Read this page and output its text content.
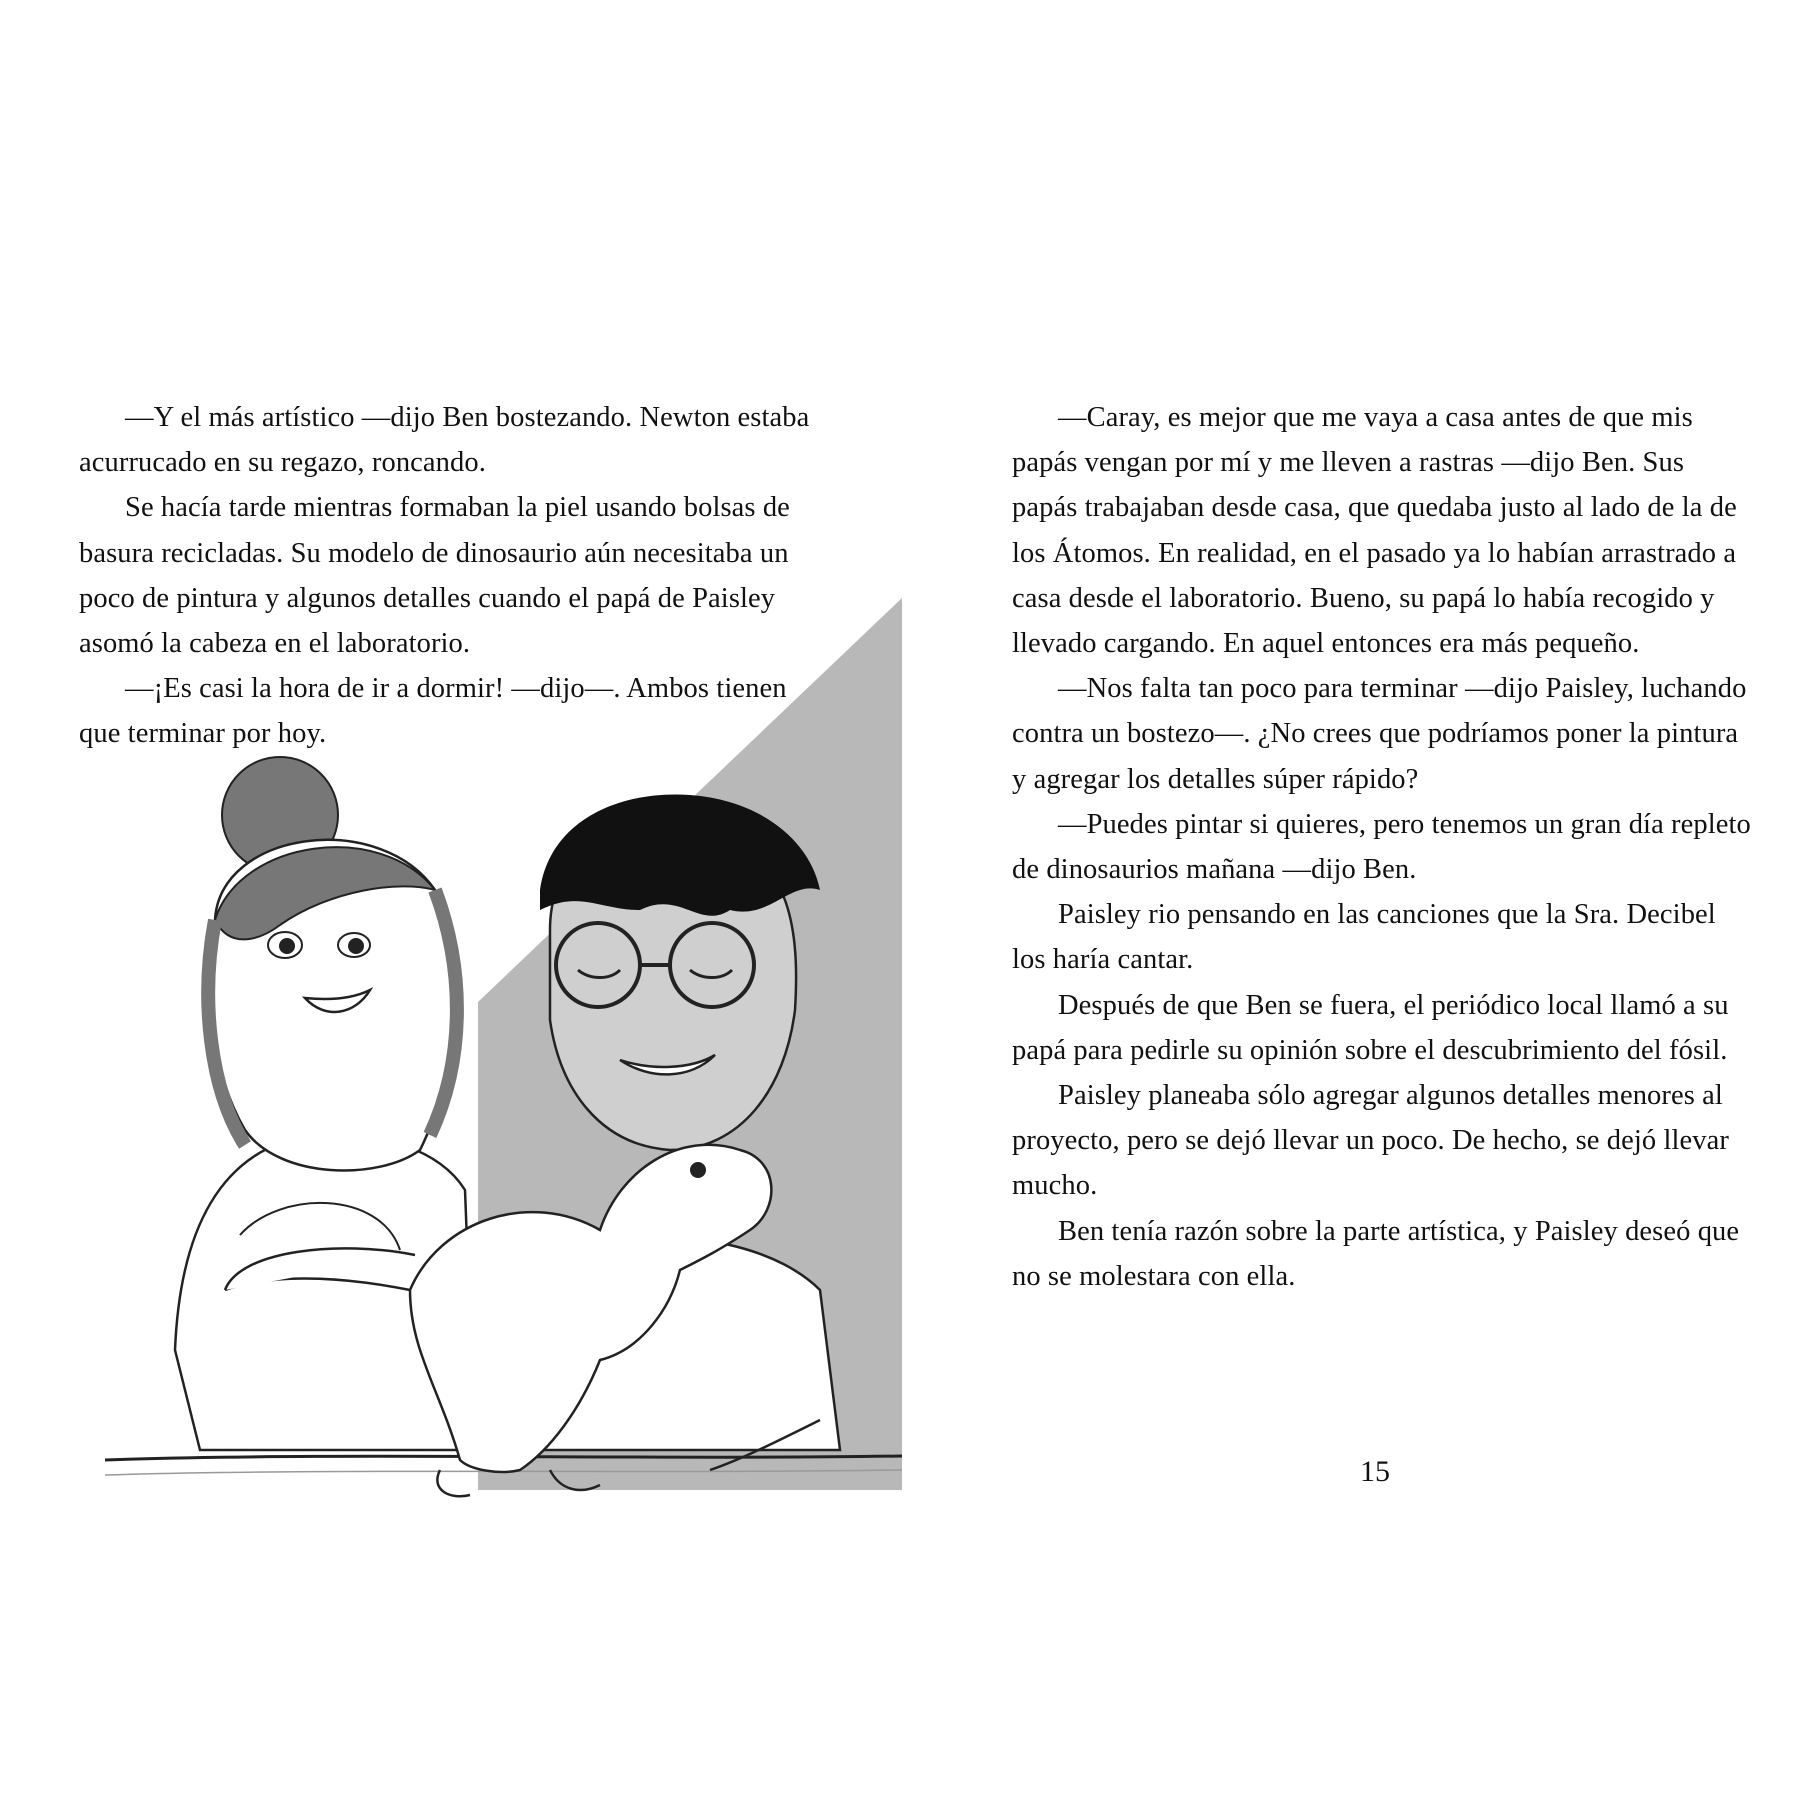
—Y el más artístico —dijo Ben bostezando. Newton estaba acurrucado en su regazo, roncando.

Se hacía tarde mientras formaban la piel usando bolsas de basura recicladas. Su modelo de dinosaurio aún necesitaba un poco de pintura y algunos detalles cuando el papá de Paisley asomó la cabeza en el laboratorio.

—¡Es casi la hora de ir a dormir! —dijo—. Ambos tienen que terminar por hoy.

—Caray, es mejor que me vaya a casa antes de que mis papás vengan por mí y me lleven a rastras —dijo Ben. Sus papás trabajaban desde casa, que quedaba justo al lado de la de los Átomos. En realidad, en el pasado ya lo habían arrastrado a casa desde el laboratorio. Bueno, su papá lo había recogido y llevado cargando. En aquel entonces era más pequeño.

—Nos falta tan poco para terminar —dijo Paisley, luchando contra un bostezo—. ¿No crees que podríamos poner la pintura y agregar los detalles súper rápido?

—Puedes pintar si quieres, pero tenemos un gran día repleto de dinosaurios mañana —dijo Ben.

Paisley rio pensando en las canciones que la Sra. Decibel los haría cantar.

Después de que Ben se fuera, el periódico local llamó a su papá para pedirle su opinión sobre el descubrimiento del fósil.

Paisley planeaba sólo agregar algunos detalles menores al proyecto, pero se dejó llevar un poco. De hecho, se dejó llevar mucho.

Ben tenía razón sobre la parte artística, y Paisley deseó que no se molestara con ella.

15
